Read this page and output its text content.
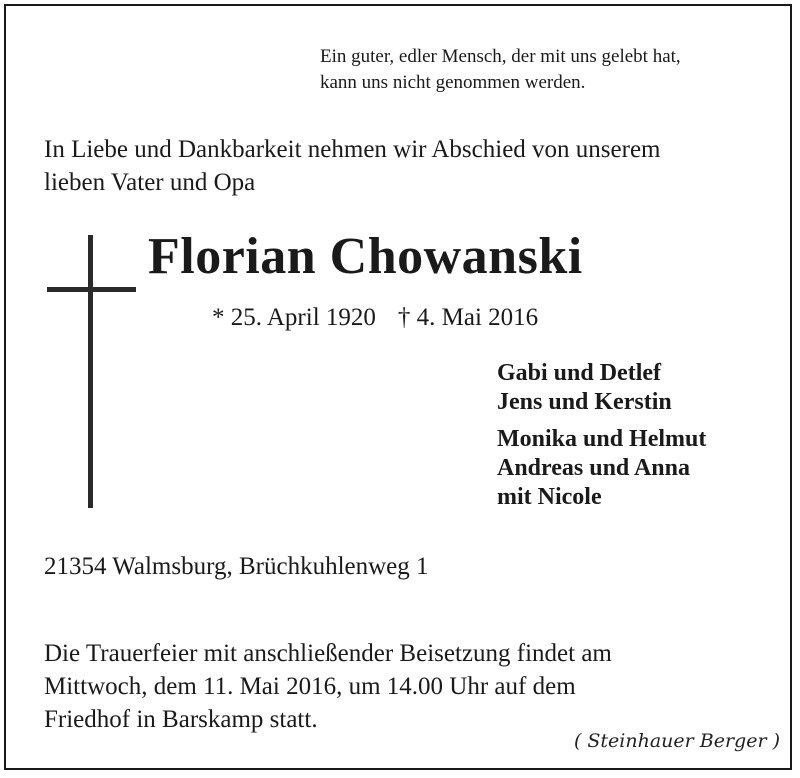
Ein guter, edler Mensch, der mit uns gelebt hat,
kann uns nicht genommen werden.
In Liebe und Dankbarkeit nehmen wir Abschied von unserem
lieben Vater und Opa
Florian Chowanski
* 25. April 1920 † 4. Mai 2016
Gabi und Detlef
Jens und Kerstin
Monika und Helmut
Andreas und Anna
mit Nicole
21354 Walmsburg, Brüchkuhlenweg 1
Die Trauerfeier mit anschließender Beisetzung findet am
Mittwoch, dem 11. Mai 2016, um 14.00 Uhr auf dem
Friedhof in Barskamp statt.
( Steinhauer Berger )
